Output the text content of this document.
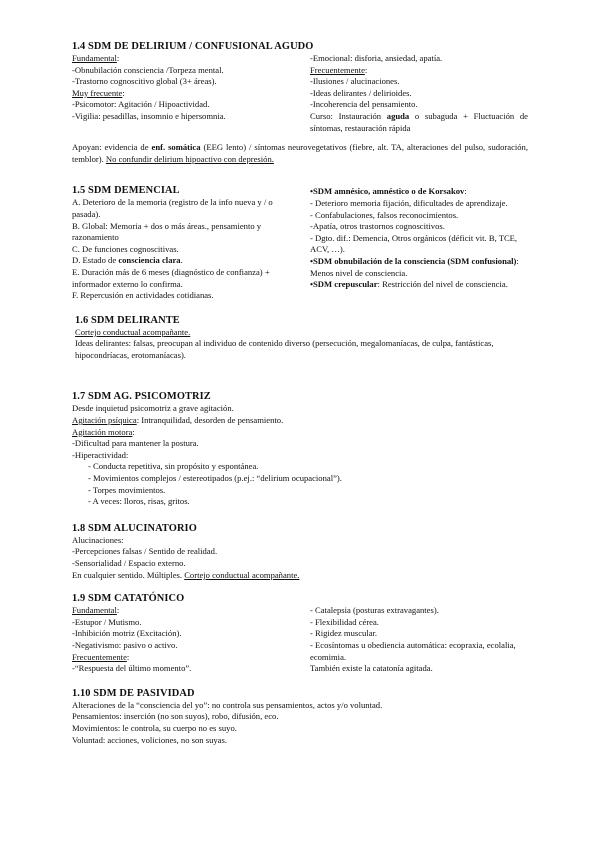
1.4 SDM DE DELIRIUM / CONFUSIONAL AGUDO
Fundamental:
-Obnubilación consciencia /Torpeza mental.
-Trastorno cognoscitivo global (3+ áreas).
Muy frecuente:
-Psicomotor: Agitación / Hipoactividad.
-Vigilia: pesadillas, insomnio e hipersomnia.
-Emocional: disforia, ansiedad, apatía.
Frecuentemente:
-Ilusiones / alucinaciones.
-Ideas delirantes / delirioides.
-Incoherencia del pensamiento.
Curso: Instauración aguda o subaguda + Fluctuación de síntomas, restauración rápida
Apoyan: evidencia de enf. somática (EEG lento) / síntomas neurovegetativos (fiebre, alt. TA, alteraciones del pulso, sudoración, temblor). No confundir delirium hipoactivo con depresión.
1.5 SDM DEMENCIAL
A. Deterioro de la memoria (registro de la info nueva y / o pasada).
B. Global: Memoria + dos o más áreas., pensamiento y razonamiento
C. De funciones cognoscitivas.
D. Estado de consciencia clara.
E. Duración más de 6 meses (diagnóstico de confianza) + informador externo lo confirma.
F. Repercusión en actividades cotidianas.
•SDM amnésico, amnéstico o de Korsakov:
- Deterioro memoria fijación, dificultades de aprendizaje.
- Confabulaciones, falsos reconocimientos.
-Apatía, otros trastornos cognoscitivos.
- Dgto. dif.: Demencia, Otros orgánicos (déficit vit. B, TCE, ACV, …).
•SDM obnubilación de la consciencia (SDM confusional): Menos nivel de consciencia.
•SDM crepuscular: Restricción del nivel de consciencia.
1.6 SDM DELIRANTE
Cortejo conductual acompañante.
Ideas delirantes: falsas, preocupan al individuo de contenido diverso (persecución, megalomaníacas, de culpa, fantásticas, hipocondríacas, erotomaníacas).
1.7 SDM AG. PSICOMOTRIZ
Desde inquietud psicomotriz a grave agitación.
Agitación psíquica: Intranquilidad, desorden de pensamiento.
Agitación motora:
-Dificultad para mantener la postura.
-Hiperactividad:
- Conducta repetitiva, sin propósito y espontánea.
- Movimientos complejos / estereotipados (p.ej.: “delirium ocupacional”).
- Torpes movimientos.
- A veces: lloros, risas, gritos.
1.8 SDM ALUCINATORIO
Alucinaciones:
-Percepciones falsas / Sentido de realidad.
-Sensorialidad / Espacio externo.
En cualquier sentido. Múltiples. Cortejo conductual acompañante.
1.9 SDM CATATÓNICO
Fundamental:
-Estupor / Mutismo.
-Inhibición motriz (Excitación).
-Negativismo: pasivo o activo.
Frecuentemente:
-“Respuesta del último momento”.
- Catalepsia (posturas extravagantes).
- Flexibilidad cérea.
- Rigidez muscular.
- Ecosíntomas u obediencia automática: ecopraxia, ecolalia, ecomimia.
También existe la catatonía agitada.
1.10 SDM DE PASIVIDAD
Alteraciones de la “consciencia del yo”: no controla sus pensamientos, actos y/o voluntad.
Pensamientos: inserción (no son suyos), robo, difusión, eco.
Movimientos: le controla, su cuerpo no es suyo.
Voluntad: acciones, voliciones, no son suyas.
